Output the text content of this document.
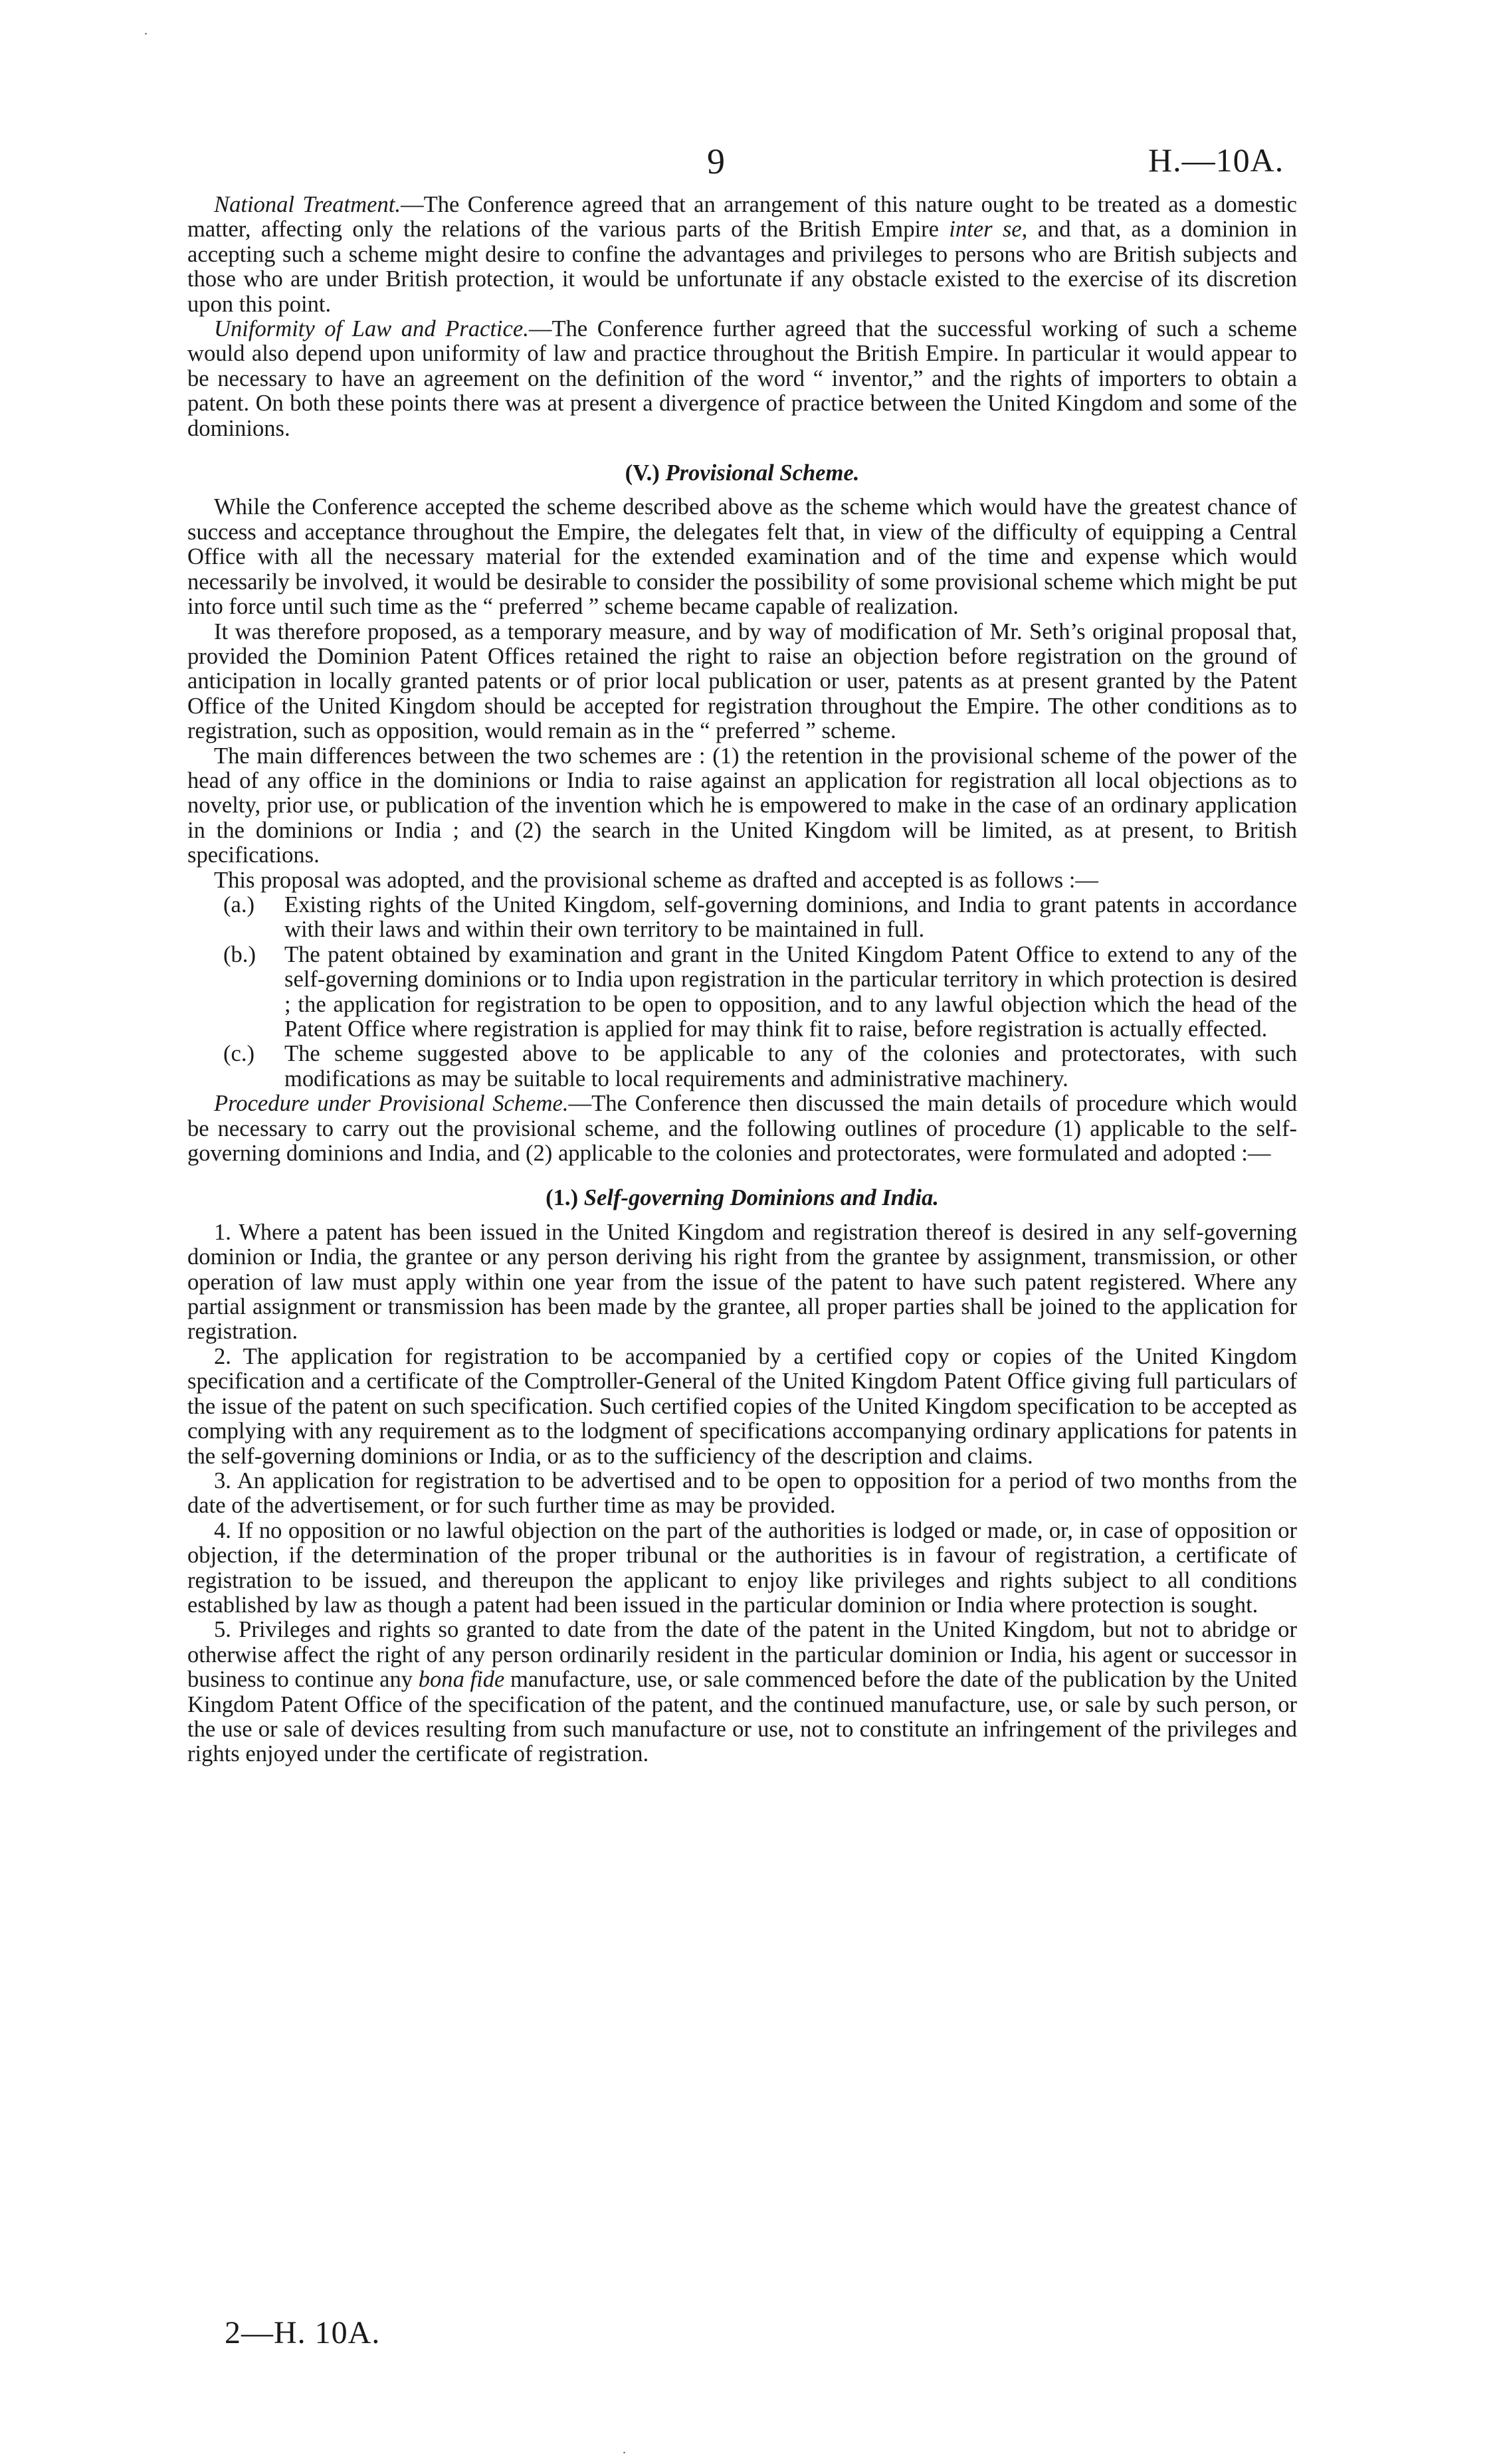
.
9	H.—10A.

National Treatment.—The Conference agreed that an arrangement of this nature ought to be treated as a domestic matter, affecting only the relations of the various parts of the British Empire inter se, and that, as a dominion in accepting such a scheme might desire to confine the advantages and privileges to persons who are British subjects and those who are under British protection, it would be unfortunate if any obstacle existed to the exercise of its discretion upon this point.

Uniformity of Law and Practice.—The Conference further agreed that the successful working of such a scheme would also depend upon uniformity of law and practice throughout the British Empire. In particular it would appear to be necessary to have an agreement on the definition of the word “ inventor,” and the rights of importers to obtain a patent. On both these points there was at present a divergence of practice between the United Kingdom and some of the dominions.

(V.) Provisional Scheme.

While the Conference accepted the scheme described above as the scheme which would have the greatest chance of success and acceptance throughout the Empire, the delegates felt that, in view of the difficulty of equipping a Central Office with all the necessary material for the extended examination and of the time and expense which would necessarily be involved, it would be desirable to consider the possibility of some provisional scheme which might be put into force until such time as the “ preferred ” scheme became capable of realization.

It was therefore proposed, as a temporary measure, and by way of modification of Mr. Seth’s original proposal that, provided the Dominion Patent Offices retained the right to raise an objection before registration on the ground of anticipation in locally granted patents or of prior local publication or user, patents as at present granted by the Patent Office of the United Kingdom should be accepted for registration throughout the Empire. The other conditions as to registration, such as opposition, would remain as in the “ preferred ” scheme.

The main differences between the two schemes are : (1) the retention in the provisional scheme of the power of the head of any office in the dominions or India to raise against an application for registration all local objections as to novelty, prior use, or publication of the invention which he is empowered to make in the case of an ordinary application in the dominions or India ; and (2) the search in the United Kingdom will be limited, as at present, to British specifications.

This proposal was adopted, and the provisional scheme as drafted and accepted is as follows :—

(a.) Existing rights of the United Kingdom, self-governing dominions, and India to grant patents in accordance with their laws and within their own territory to be maintained in full.
(b.) The patent obtained by examination and grant in the United Kingdom Patent Office to extend to any of the self-governing dominions or to India upon registration in the particular territory in which protection is desired ; the application for registration to be open to opposition, and to any lawful objection which the head of the Patent Office where registration is applied for may think fit to raise, before registration is actually effected.
(c.) The scheme suggested above to be applicable to any of the colonies and protectorates, with such modifications as may be suitable to local requirements and administrative machinery.

Procedure under Provisional Scheme.—The Conference then discussed the main details of procedure which would be necessary to carry out the provisional scheme, and the following outlines of procedure (1) applicable to the self-governing dominions and India, and (2) applicable to the colonies and protectorates, were formulated and adopted :—

(1.) Self-governing Dominions and India.

1. Where a patent has been issued in the United Kingdom and registration thereof is desired in any self-governing dominion or India, the grantee or any person deriving his right from the grantee by assignment, transmission, or other operation of law must apply within one year from the issue of the patent to have such patent registered. Where any partial assignment or transmission has been made by the grantee, all proper parties shall be joined to the application for registration.

2. The application for registration to be accompanied by a certified copy or copies of the United Kingdom specification and a certificate of the Comptroller-General of the United Kingdom Patent Office giving full particulars of the issue of the patent on such specification. Such certified copies of the United Kingdom specification to be accepted as complying with any requirement as to the lodgment of specifications accompanying ordinary applications for patents in the self-governing dominions or India, or as to the sufficiency of the description and claims.

3. An application for registration to be advertised and to be open to opposition for a period of two months from the date of the advertisement, or for such further time as may be provided.

4. If no opposition or no lawful objection on the part of the authorities is lodged or made, or, in case of opposition or objection, if the determination of the proper tribunal or the authorities is in favour of registration, a certificate of registration to be issued, and thereupon the applicant to enjoy like privileges and rights subject to all conditions established by law as though a patent had been issued in the particular dominion or India where protection is sought.

5. Privileges and rights so granted to date from the date of the patent in the United Kingdom, but not to abridge or otherwise affect the right of any person ordinarily resident in the particular dominion or India, his agent or successor in business to continue any bona fide manufacture, use, or sale commenced before the date of the publication by the United Kingdom Patent Office of the specification of the patent, and the continued manufacture, use, or sale by such person, or the use or sale of devices resulting from such manufacture or use, not to constitute an infringement of the privileges and rights enjoyed under the certificate of registration.

2—H. 10A.
.
